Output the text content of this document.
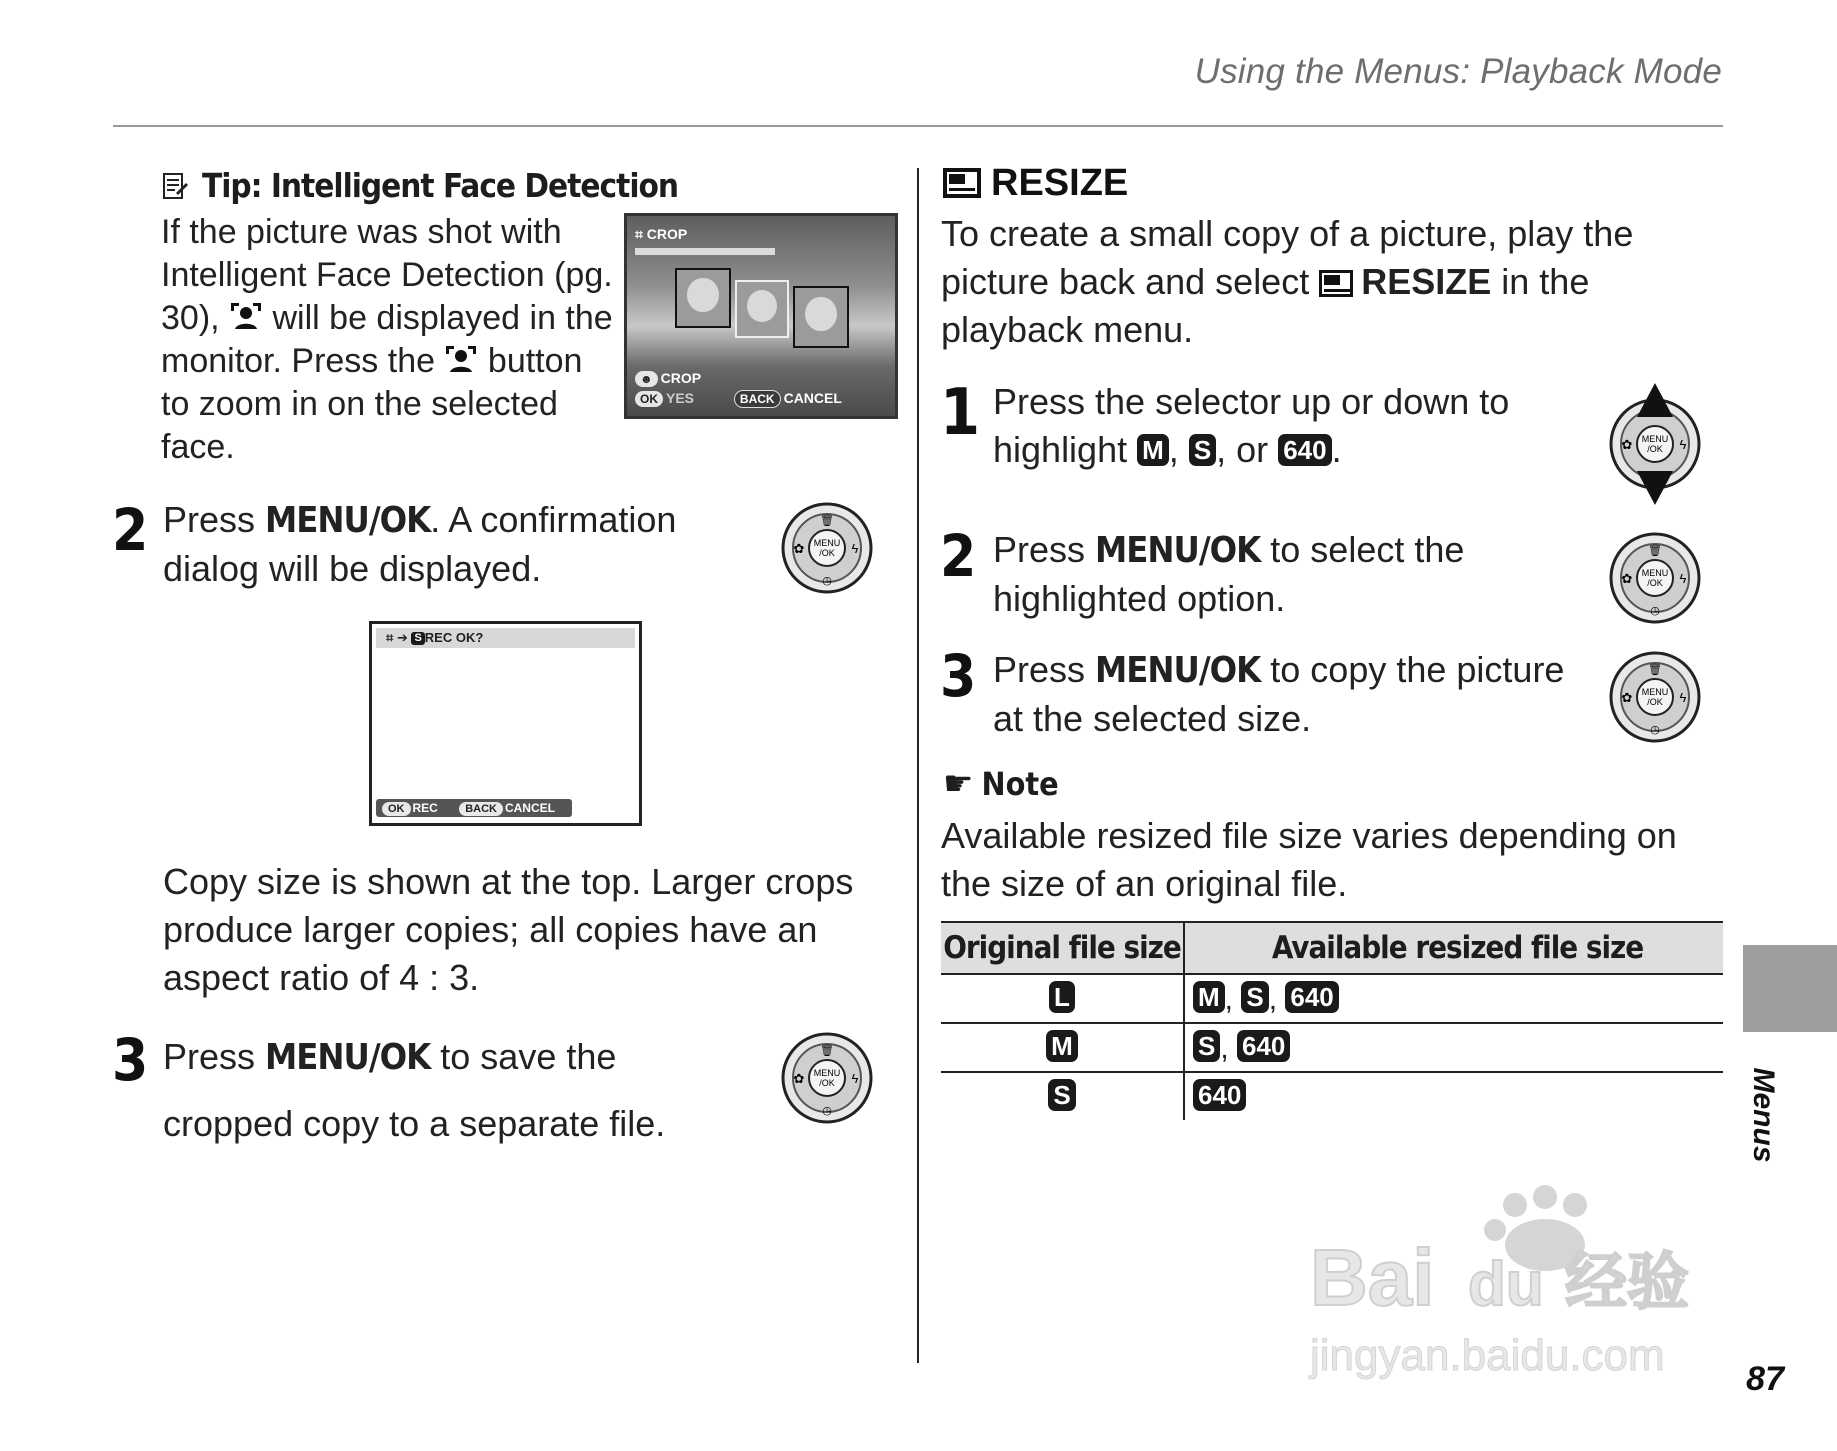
Using the Menus: Playback Mode
Tip: Intelligent Face Detection
If the picture was shot with Intelligent Face Detection (pg. 30), will be displayed in the monitor. Press the button to zoom in on the selected face.
⌗ CROP
☻ CROP
OK YES	BACK CANCEL
2 Press MENU/OK. A confirmation dialog will be displayed.
MENU
/OK
🗑
✿	ϟ
◷
⌗ ➔ S REC OK?
OK REC BACK CANCEL
Copy size is shown at the top. Larger crops produce larger copies; all copies have an aspect ratio of 4 : 3.
3 Press MENU/OK to save the cropped copy to a separate file.
MENU
/OK
🗑
✿	ϟ
◷
RESIZE
To create a small copy of a picture, play the picture back and select RESIZE in the playback menu.
1 Press the selector up or down to highlight M , S , or 640 .	MENU
/OK
✿	ϟ
2 Press MENU/OK to select the highlighted option.
MENU
/OK
🗑
✿	ϟ
◷
3 Press MENU/OK to copy the picture at the selected size.
MENU
/OK
🗑
✿	ϟ
◷
☛ Note
Available resized file size varies depending on the size of an original file.
Original file size	Available resized file size
L	M , S , 640
M	S , 640
S	640	Menus
Bai du 经验
jingyan.baidu.com 87
